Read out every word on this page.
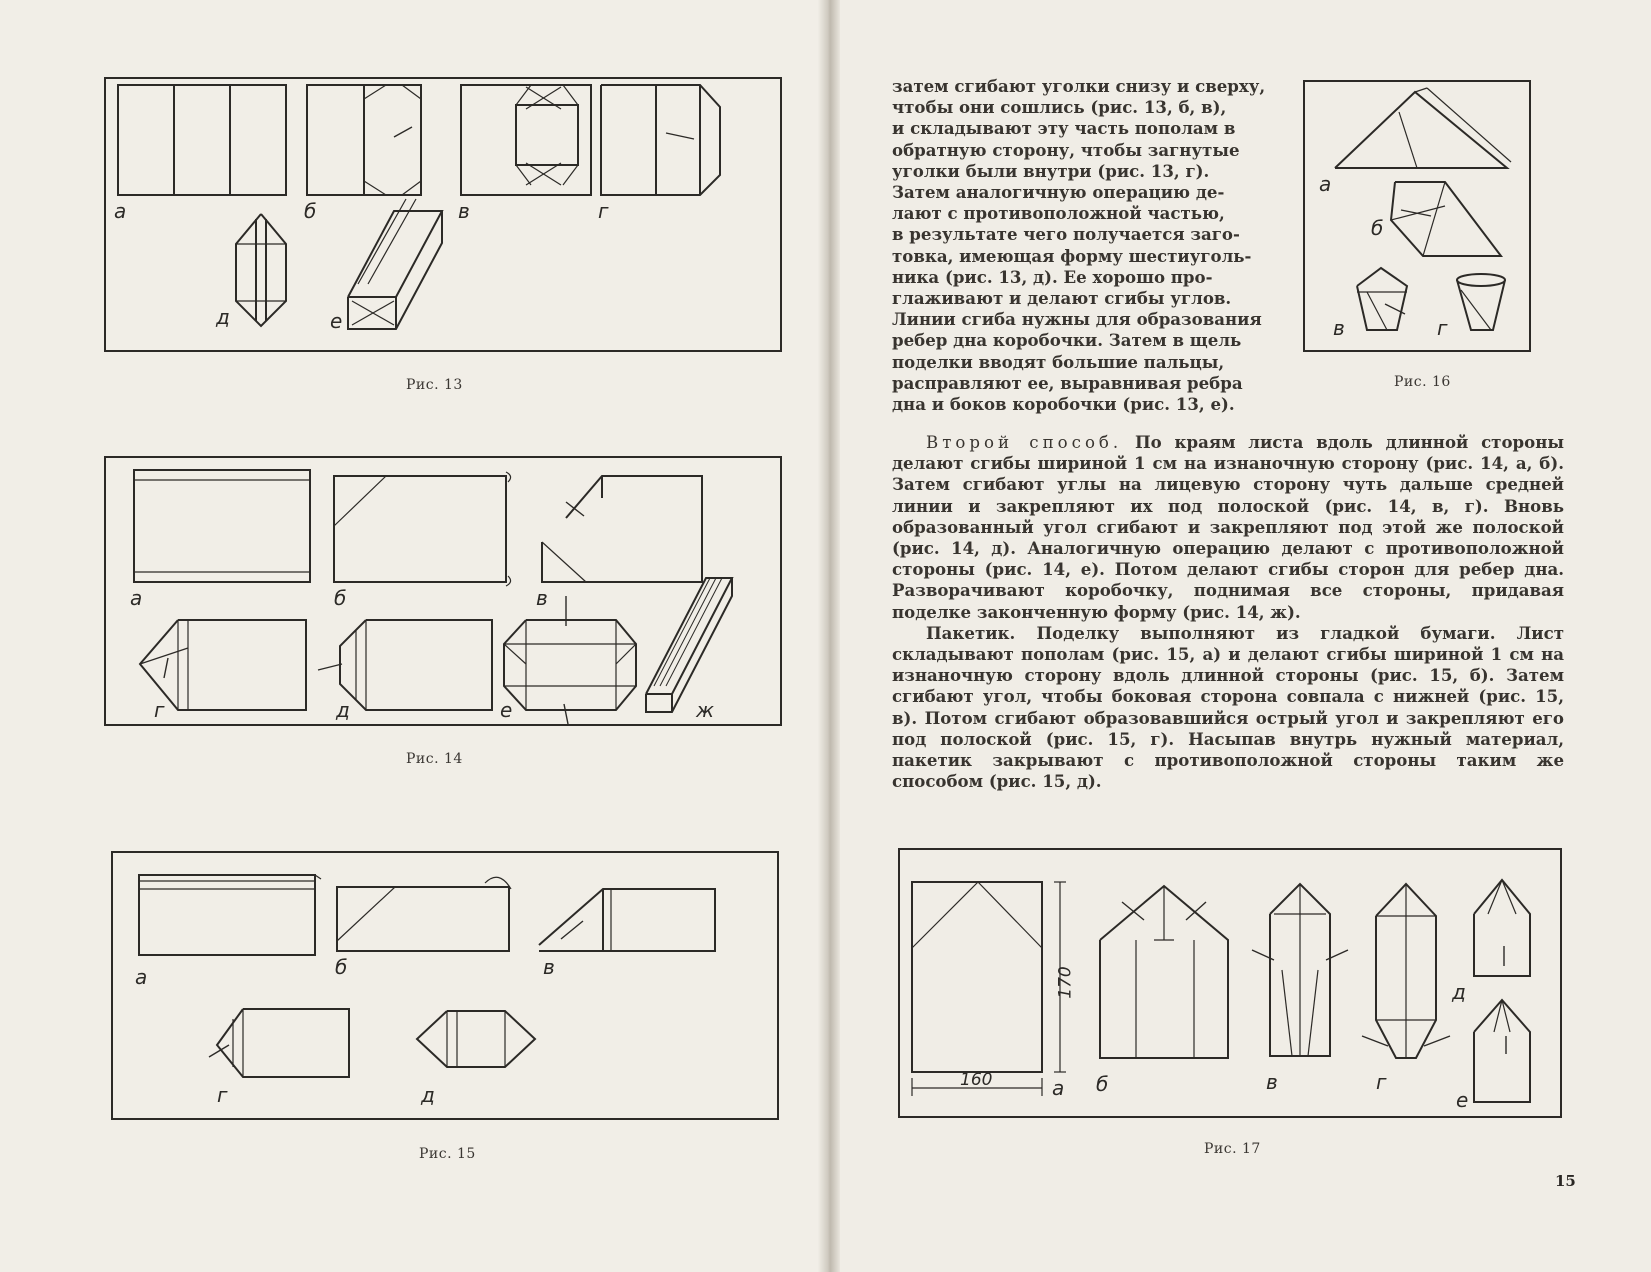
а	б	в	г
д	е
Рис. 13
а	б	в
г	д	е	ж
Рис. 14
а	б	в
г	д
Рис. 15
а
б
в	г
Рис. 16

затем сгибают уголки снизу и сверху,

чтобы они сошлись (рис. 13, б, в),

и складывают эту часть пополам в

обратную сторону, чтобы загнутые

уголки были внутри (рис. 13, г).

Затем аналогичную операцию де-

лают с противоположной частью,

в результате чего получается заго-

товка, имеющая форму шестиуголь-

ника (рис. 13, д). Ее хорошо про-

глаживают и делают сгибы углов.

Линии сгиба нужны для образования

ребер дна коробочки. Затем в щель

поделки вводят большие пальцы,

расправляют ее, выравнивая ребра

дна и боков коробочки (рис. 13, е).

Второй способ. По краям листа вдоль длинной стороны делают сгибы шириной 1 см на изнаночную сторону (рис. 14, а, б). Затем сгибают углы на лицевую сторону чуть дальше средней линии и закрепляют их под полоской (рис. 14, в, г). Вновь образованный угол сгибают и закрепляют под этой же полоской (рис. 14, д). Аналогичную операцию делают с противоположной стороны (рис. 14, е). Потом делают сгибы сторон для ребер дна. Разворачивают коробочку, поднимая все стороны, придавая поделке законченную форму (рис. 14, ж).

Пакетик. Поделку выполняют из гладкой бумаги. Лист складывают пополам (рис. 15, а) и делают сгибы шириной 1 см на изнаночную сторону вдоль длинной стороны (рис. 15, б). Затем сгибают угол, чтобы боковая сторона совпала с нижней (рис. 15, в). Потом сгибают образовавшийся острый угол и закрепляют его под полоской (рис. 15, г). Насыпав внутрь нужный материал, пакетик закрывают с противоположной стороны таким же способом (рис. 15, д).

170
160	а б	в	г
д
е
Рис. 17
15
